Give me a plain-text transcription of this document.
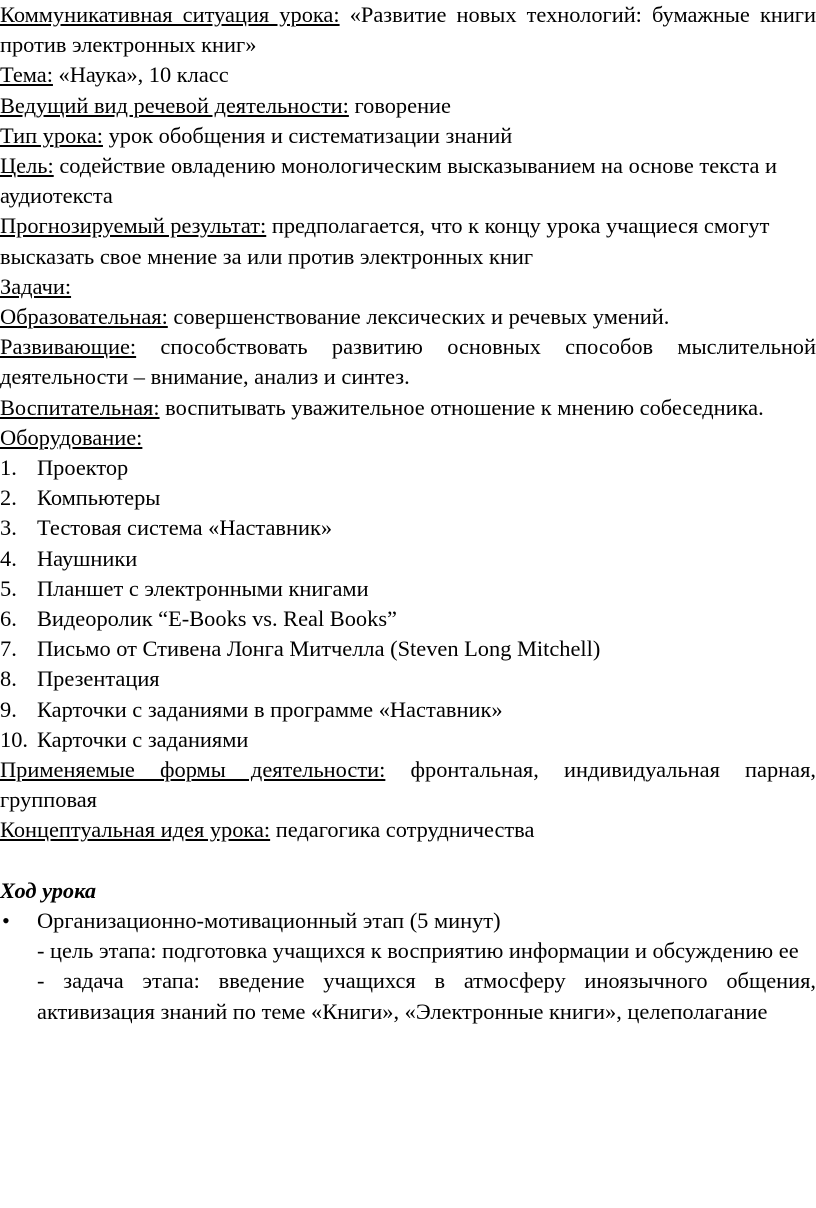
Коммуникативная ситуация урока: «Развитие новых технологий: бумажные книги против электронных книг»

Тема: «Наука», 10 класс

Ведущий вид речевой деятельности: говорение

Тип урока: урок обобщения и систематизации знаний

Цель: содействие овладению монологическим высказыванием на основе текста и аудиотекста

Прогнозируемый результат: предполагается, что к концу урока учащиеся смогут высказать свое мнение за или против электронных книг

Задачи:

Образовательная: совершенствование лексических и речевых умений.

Развивающие: способствовать развитию основных способов мыслительной деятельности – внимание, анализ и синтез.

Воспитательная: воспитывать уважительное отношение к мнению собеседника.

Оборудование:

1. Проектор
2. Компьютеры
3. Тестовая система «Наставник»
4. Наушники
5. Планшет с электронными книгами
6. Видеоролик “E-Books vs. Real Books”
7. Письмо от Стивена Лонга Митчелла (Steven Long Mitchell)
8. Презентация
9. Карточки с заданиями в программе «Наставник»
10. Карточки с заданиями

Применяемые формы деятельности: фронтальная, индивидуальная парная, групповая

Концептуальная идея урока: педагогика сотрудничества

Ход урока

•	Организационно-мотивационный этап (5 минут)

- цель этапа: подготовка учащихся к восприятию информации и обсуждению ее

- задача этапа: введение учащихся в атмосферу иноязычного общения, активизация знаний по теме «Книги», «Электронные книги», целеполагание
